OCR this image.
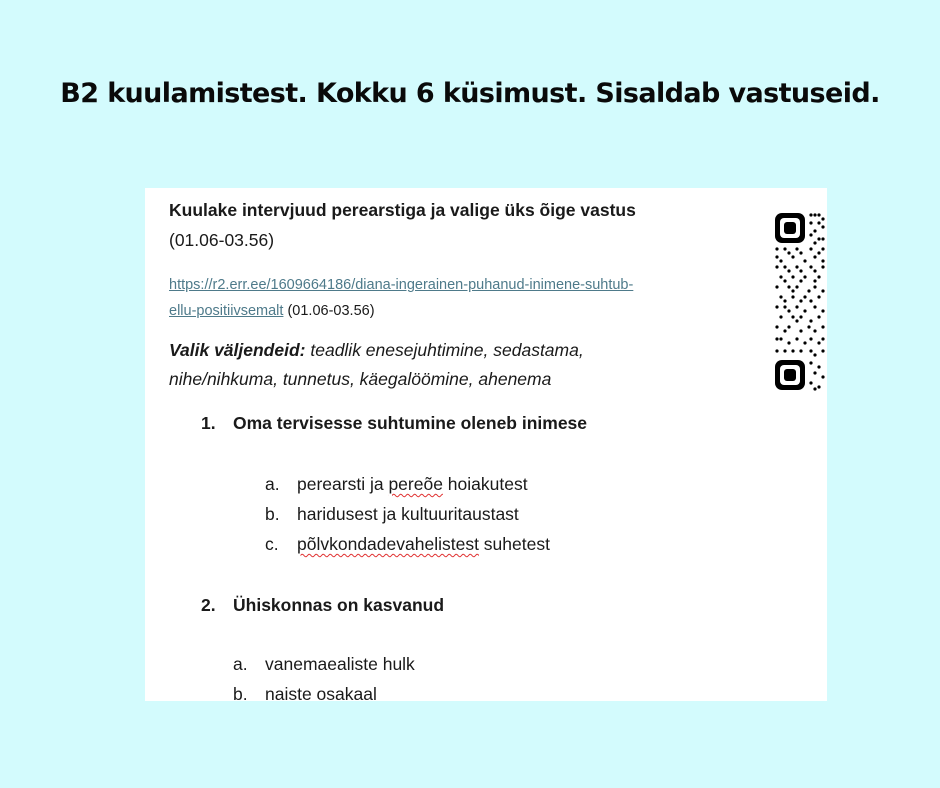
B2 kuulamistest. Kokku 6 küsimust. Sisaldab vastuseid.
Kuulake intervjuud perearstiga ja valige üks õige vastus
(01.06-03.56)
https://r2.err.ee/1609664186/diana-ingerainen-puhanud-inimene-suhtub-
ellu-positiivsemalt (01.06-03.56)
Valik väljendeid: teadlik enesejuhtimine, sedastama, nihe/nihkuma, tunnetus, käegalöömine, ahenema
1. Oma tervisesse suhtumine oleneb inimese
a. perearsti ja pereõe hoiakutest
b. haridusest ja kultuuritaustast
c. põlvkondadevahelistest suhetest
2. Ühiskonnas on kasvanud
a. vanemaealiste hulk
b. naiste osakaal
